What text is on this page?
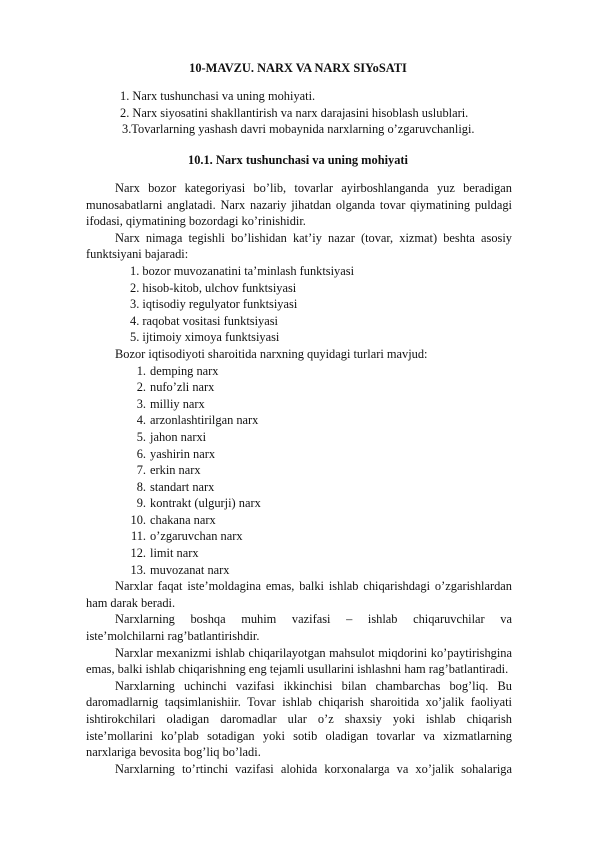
10-MAVZU. NARX VA NARX SIYoSATI
1. Narx tushunchasi va uning mohiyati.
2. Narx siyosatini shakllantirish va narx darajasini hisoblash uslublari.
3.Tovarlarning yashash davri mobaynida narxlarning o’zgaruvchanligi.
10.1. Narx tushunchasi va uning mohiyati

Narx bozor kategoriyasi bo’lib, tovarlar ayirboshlanganda yuz beradigan munosabatlarni anglatadi. Narx nazariy jihatdan olganda tovar qiymatining puldagi ifodasi, qiymatining bozordagi ko’rinishidir.

Narx nimaga tegishli bo’lishidan kat’iy nazar (tovar, xizmat) beshta asosiy funktsiyani bajaradi:

1. bozor muvozanatini ta’minlash funktsiyasi
2. hisob-kitob, ulchov funktsiyasi
3. iqtisodiy regulyator funktsiyasi
4. raqobat vositasi funktsiyasi
5. ijtimoiy ximoya funktsiyasi

Bozor iqtisodiyoti sharoitida narxning quyidagi turlari mavjud:

1. demping narx
2. nufo’zli narx
3. milliy narx
4. arzonlashtirilgan narx
5. jahon narxi
6. yashirin narx
7. erkin narx
8. standart narx
9. kontrakt (ulgurji) narx
10. chakana narx
11. o’zgaruvchan narx
12. limit narx
13. muvozanat narx

Narxlar faqat iste’moldagina emas, balki ishlab chiqarishdagi o’zgarishlardan ham darak beradi.

Narxlarning boshqa muhim vazifasi – ishlab chiqaruvchilar va

iste’molchilarni rag’batlantirishdir.

Narxlar mexanizmi ishlab chiqarilayotgan mahsulot miqdorini ko’paytirishgina emas, balki ishlab chiqarishning eng tejamli usullarini ishlashni ham rag’batlantiradi.

Narxlarning uchinchi vazifasi ikkinchisi bilan chambarchas bog’liq. Bu daromadlarnig taqsimlanishiir. Tovar ishlab chiqarish sharoitida xo’jalik faoliyati ishtirokchilari oladigan daromadlar ular o’z shaxsiy yoki ishlab chiqarish iste’mollarini ko’plab sotadigan yoki sotib oladigan tovarlar va xizmatlarning narxlariga bevosita bog’liq bo’ladi.

Narxlarning to’rtinchi vazifasi alohida korxonalarga va xo’jalik sohalariga
